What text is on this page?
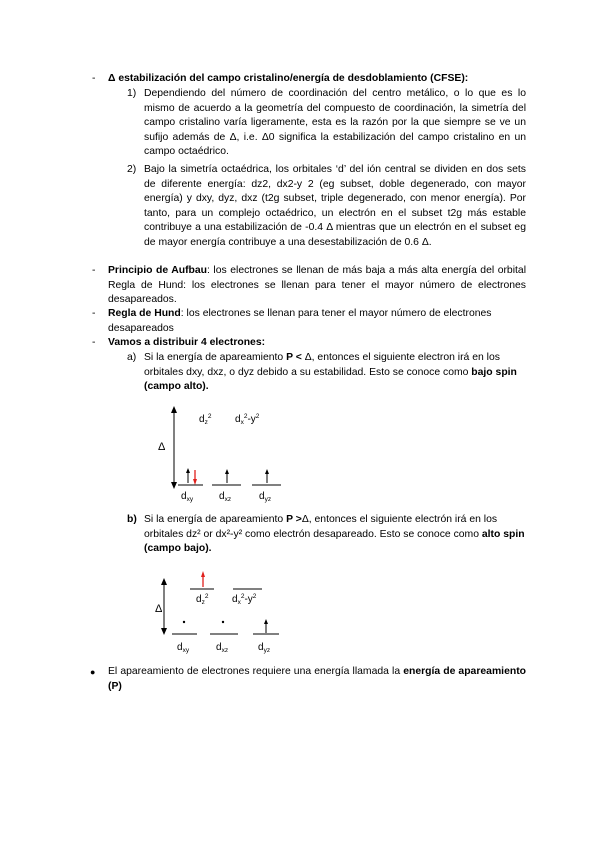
- Δ estabilización del campo cristalino/energía de desdoblamiento (CFSE):
1) Dependiendo del número de coordinación del centro metálico, o lo que es lo mismo de acuerdo a la geometría del compuesto de coordinación, la simetría del campo cristalino varía ligeramente, esta es la razón por la que siempre se ve un sufijo además de Δ, i.e. Δ0 significa la estabilización del campo cristalino en un campo octaédrico.
2) Bajo la simetría octaédrica, los orbitales ‘d’ del ión central se dividen en dos sets de diferente energía: dz2, dx2-y 2 (eg subset, doble degenerado, con mayor energía) y dxy, dyz, dxz (t2g subset, triple degenerado, con menor energía). Por tanto, para un complejo octaédrico, un electrón en el subset t2g más estable contribuye a una estabilización de -0.4 Δ mientras que un electrón en el subset eg de mayor energía contribuye a una desestabilización de 0.6 Δ.
- Principio de Aufbau: los electrones se llenan de más baja a más alta energía del orbital Regla de Hund: los electrones se llenan para tener el mayor número de electrones desapareados.
- Regla de Hund: los electrones se llenan para tener el mayor número de electrones desapareados
- Vamos a distribuir 4 electrones:
a) Si la energía de apareamiento P < Δ, entonces el siguiente electron irá en los orbitales dxy, dxz, o dyz debido a su estabilidad. Esto se conoce como bajo spin (campo alto).
Δ
$d_z^2$ $d_x^2-y^2$
$d_{xy}$	$d_{xz}$	$d_{yz}$
b) Si la energía de apareamiento P >Δ, entonces el siguiente electrón irá en los orbitales dz² or dx²-y² como electrón desapareado. Esto se conoce como alto spin (campo bajo).
Δ
$d_z^2$ $d_x^2-y^2$
$d_{xy}$	$d_{xz}$	$d_{yz}$
● El apareamiento de electrones requiere una energía llamada la energía de apareamiento (P)
